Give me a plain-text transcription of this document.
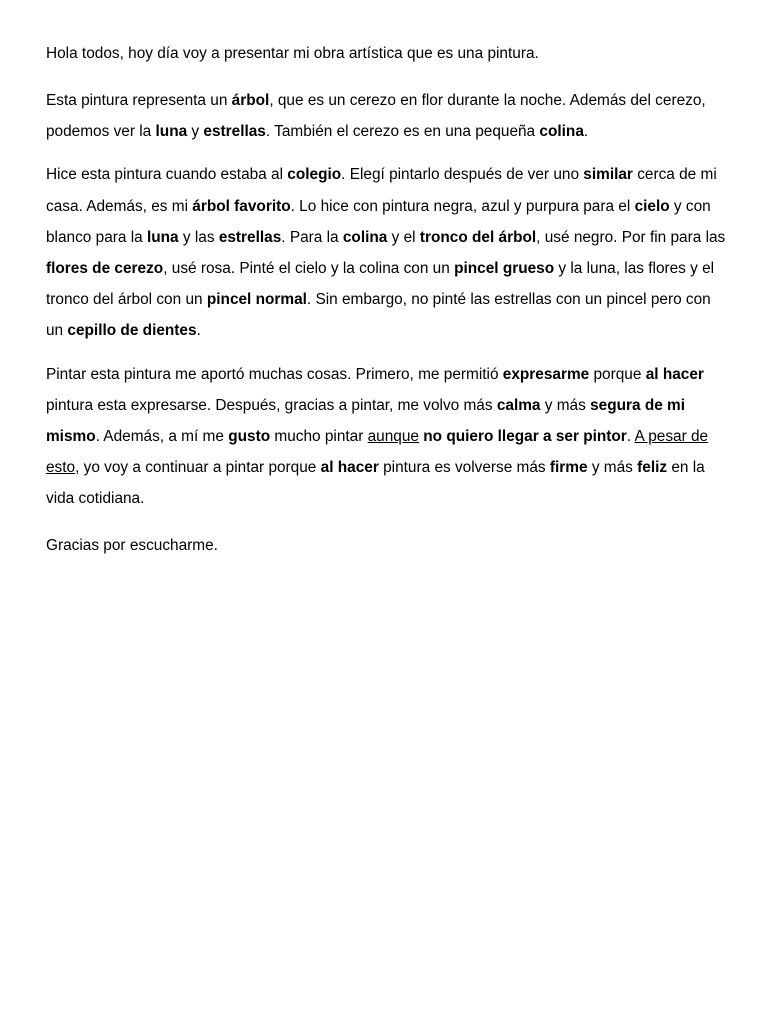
Hola todos, hoy día voy a presentar mi obra artística que es una pintura.

Esta pintura representa un árbol, que es un cerezo en flor durante la noche. Además del cerezo, podemos ver la luna y estrellas. También el cerezo es en una pequeña colina.

Hice esta pintura cuando estaba al colegio. Elegí pintarlo después de ver uno similar cerca de mi casa. Además, es mi árbol favorito. Lo hice con pintura negra, azul y purpura para el cielo y con blanco para la luna y las estrellas. Para la colina y el tronco del árbol, usé negro. Por fin para las flores de cerezo, usé rosa. Pinté el cielo y la colina con un pincel grueso y la luna, las flores y el tronco del árbol con un pincel normal. Sin embargo, no pinté las estrellas con un pincel pero con un cepillo de dientes.

Pintar esta pintura me aportó muchas cosas. Primero, me permitió expresarme porque al hacer pintura esta expresarse. Después, gracias a pintar, me volvo más calma y más segura de mi mismo. Además, a mí me gusto mucho pintar aunque no quiero llegar a ser pintor. A pesar de esto, yo voy a continuar a pintar porque al hacer pintura es volverse más firme y más feliz en la vida cotidiana.

Gracias por escucharme.
